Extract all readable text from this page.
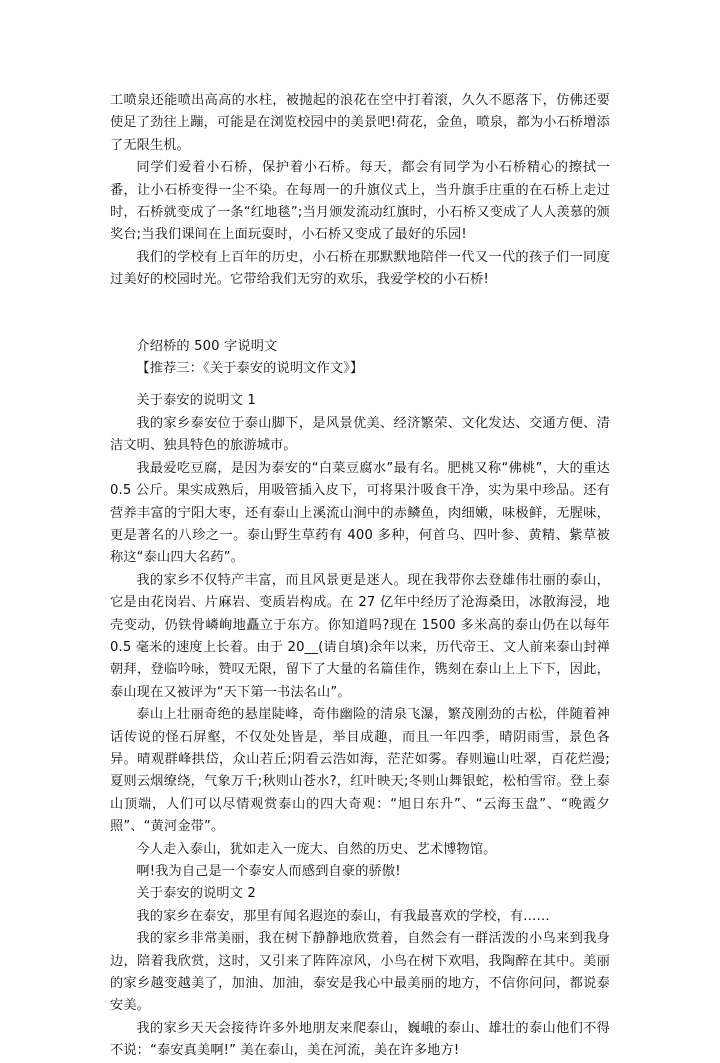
工喷泉还能喷出高高的水柱，被抛起的浪花在空中打着滚，久久不愿落下，仿佛还要使足了劲往上蹦，可能是在浏览校园中的美景吧!荷花，金鱼，喷泉，都为小石桥增添了无限生机。

同学们爱着小石桥，保护着小石桥。每天，都会有同学为小石桥精心的擦拭一番，让小石桥变得一尘不染。在每周一的升旗仪式上，当升旗手庄重的在石桥上走过时，石桥就变成了一条“红地毯”;当月颁发流动红旗时，小石桥又变成了人人羡慕的颁奖台;当我们课间在上面玩耍时，小石桥又变成了最好的乐园!

我们的学校有上百年的历史，小石桥在那默默地陪伴一代又一代的孩子们一同度过美好的校园时光。它带给我们无穷的欢乐，我爱学校的小石桥!

介绍桥的 500 字说明文

【推荐三：《关于泰安的说明文作文》】

关于泰安的说明文 1

我的家乡泰安位于泰山脚下，是风景优美、经济繁荣、文化发达、交通方便、清洁文明、独具特色的旅游城市。

我最爱吃豆腐，是因为泰安的“白菜豆腐水”最有名。肥桃又称“佛桃”，大的重达 0.5 公斤。果实成熟后，用吸管插入皮下，可将果汁吸食干净，实为果中珍品。还有营养丰富的宁阳大枣，还有泰山上溪流山涧中的赤鳞鱼，肉细嫩，味极鲜，无腥味，更是著名的八珍之一。泰山野生草药有 400 多种，何首乌、四叶参、黄精、紫草被称这“泰山四大名药”。

我的家乡不仅特产丰富，而且风景更是迷人。现在我带你去登雄伟壮丽的泰山，它是由花岗岩、片麻岩、变质岩构成。在 27 亿年中经历了沧海桑田，冰散海浸，地壳变动，仍铁骨嶙峋地矗立于东方。你知道吗?现在 1500 多米高的泰山仍在以每年 0.5 毫米的速度上长着。由于 20__(请自填)余年以来，历代帝王、文人前来泰山封禅朝拜，登临吟咏，赞叹无限，留下了大量的名篇佳作，镌刻在泰山上上下下，因此，泰山现在又被评为“天下第一书法名山”。

泰山上壮丽奇绝的悬崖陡峰，奇伟幽险的清泉飞瀑，繁茂刚劲的古松，伴随着神话传说的怪石屏壑，不仅处处皆是，举目成趣，而且一年四季，晴阴雨雪，景色各异。晴观群峰拱岱，众山若丘;阴看云浩如海，茫茫如雾。春则遍山吐翠，百花烂漫;夏则云烟缭绕，气象万千;秋则山苍水?，红叶映天;冬则山舞银蛇，松柏雪帘。登上泰山顶端，人们可以尽情观赏泰山的四大奇观：“旭日东升”、“云海玉盘”、“晚霞夕照”、“黄河金带”。

今人走入泰山，犹如走入一庞大、自然的历史、艺术博物馆。

啊!我为自己是一个泰安人而感到自豪的骄傲!

关于泰安的说明文 2

我的家乡在泰安，那里有闻名遐迩的泰山，有我最喜欢的学校，有……

我的家乡非常美丽，我在树下静静地欣赏着，自然会有一群活泼的小鸟来到我身边，陪着我欣赏，这时，又引来了阵阵凉风，小鸟在树下欢唱，我陶醉在其中。美丽的家乡越变越美了，加油、加油，泰安是我心中最美丽的地方，不信你问问，都说泰安美。

我的家乡天天会接待许多外地朋友来爬泰山，巍峨的泰山、雄壮的泰山他们不得不说：“泰安真美啊!” 美在泰山，美在河流，美在许多地方!
